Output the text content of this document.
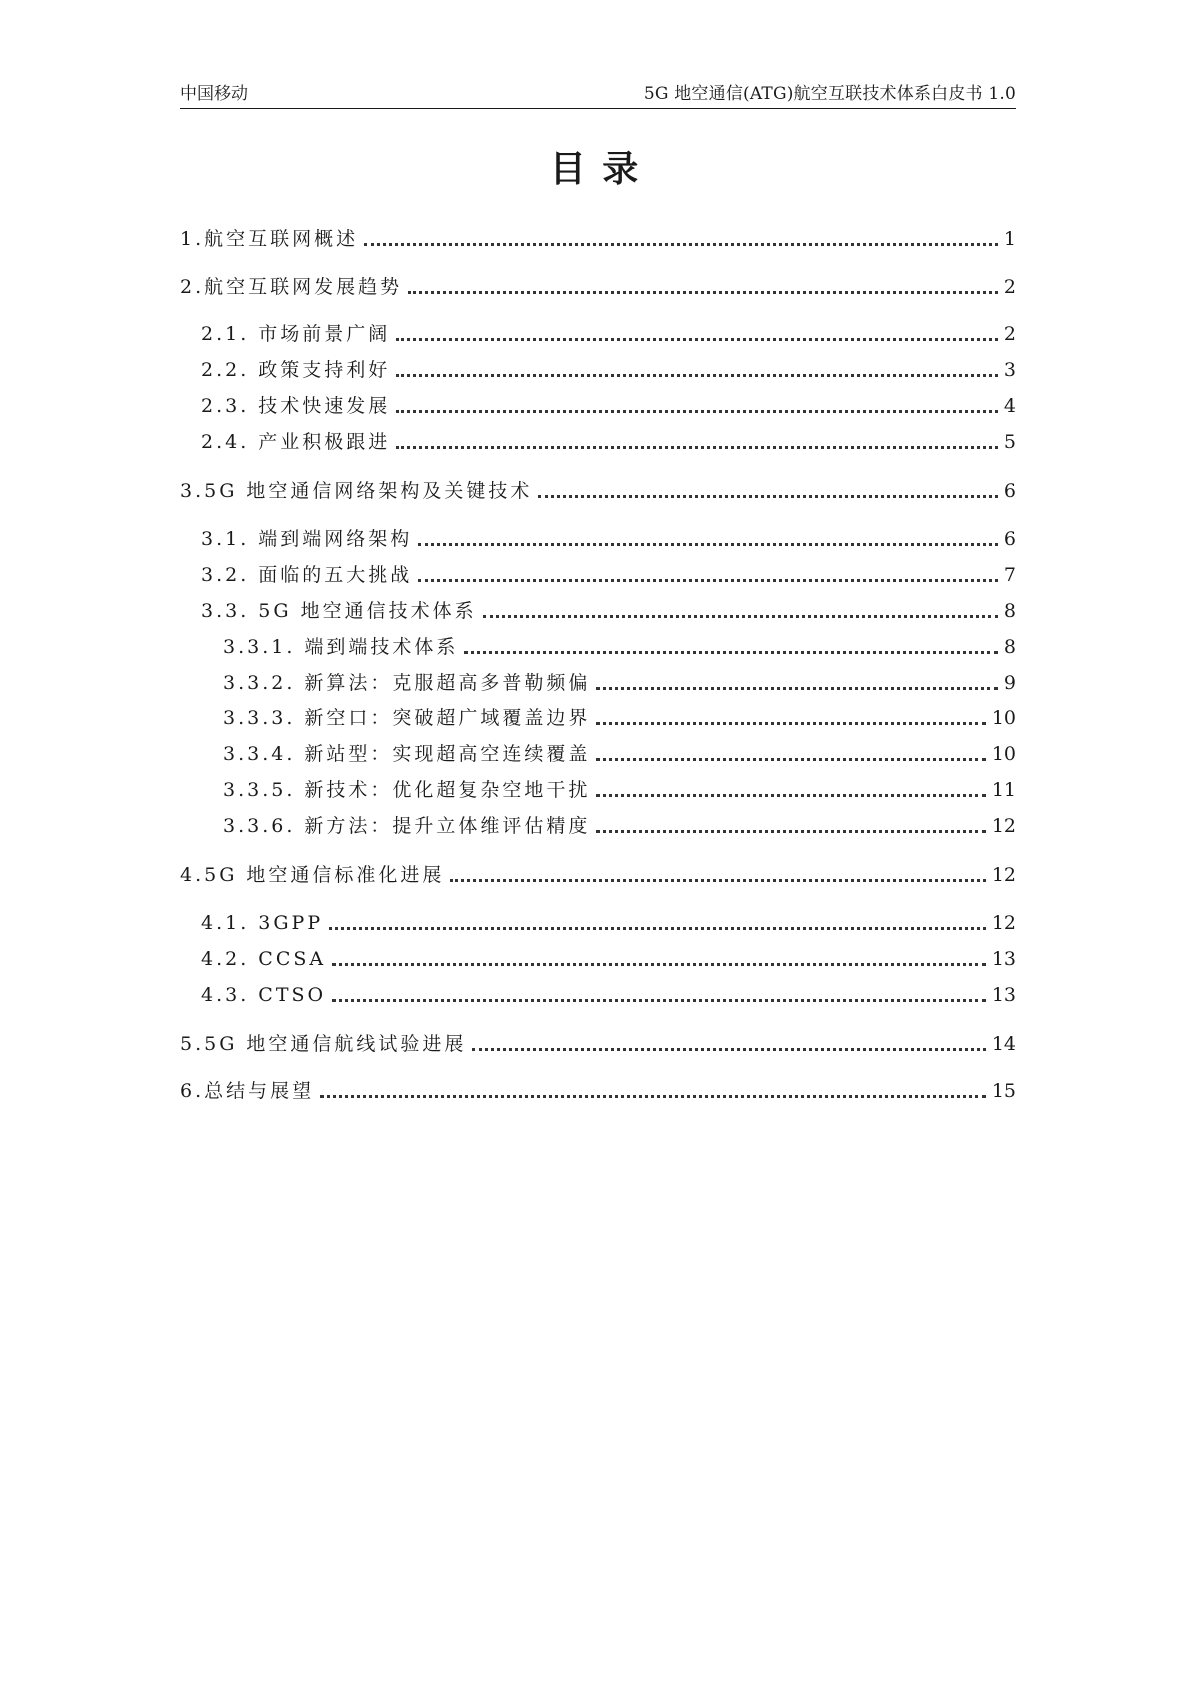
中国移动	5G 地空通信(ATG)航空互联技术体系白皮书 1.0
目 录
1.航空互联网概述	1
2.航空互联网发展趋势	2
2.1. 市场前景广阔	2
2.2. 政策支持利好	3
2.3. 技术快速发展	4
2.4. 产业积极跟进	5
3.5G 地空通信网络架构及关键技术	6
3.1. 端到端网络架构	6
3.2. 面临的五大挑战	7
3.3. 5G 地空通信技术体系	8
3.3.1. 端到端技术体系	8
3.3.2. 新算法：克服超高多普勒频偏	9
3.3.3. 新空口：突破超广域覆盖边界	10
3.3.4. 新站型：实现超高空连续覆盖	10
3.3.5. 新技术：优化超复杂空地干扰	11
3.3.6. 新方法：提升立体维评估精度	12
4.5G 地空通信标准化进展	12
4.1. 3GPP	12
4.2. CCSA	13
4.3. CTSO	13
5.5G 地空通信航线试验进展	14
6.总结与展望	15
